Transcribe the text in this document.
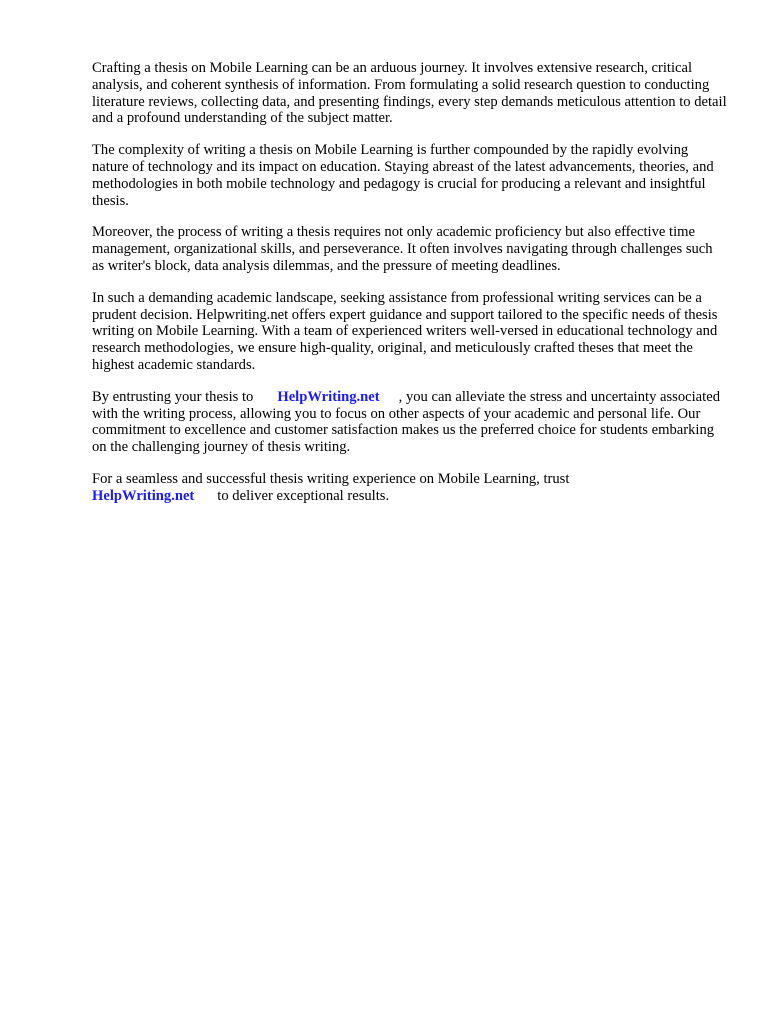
Crafting a thesis on Mobile Learning can be an arduous journey. It involves extensive research, critical analysis, and coherent synthesis of information. From formulating a solid research question to conducting literature reviews, collecting data, and presenting findings, every step demands meticulous attention to detail and a profound understanding of the subject matter.

The complexity of writing a thesis on Mobile Learning is further compounded by the rapidly evolving nature of technology and its impact on education. Staying abreast of the latest advancements, theories, and methodologies in both mobile technology and pedagogy is crucial for producing a relevant and insightful thesis.

Moreover, the process of writing a thesis requires not only academic proficiency but also effective time management, organizational skills, and perseverance. It often involves navigating through challenges such as writer's block, data analysis dilemmas, and the pressure of meeting deadlines.

In such a demanding academic landscape, seeking assistance from professional writing services can be a prudent decision. Helpwriting.net offers expert guidance and support tailored to the specific needs of thesis writing on Mobile Learning. With a team of experienced writers well-versed in educational technology and research methodologies, we ensure high-quality, original, and meticulously crafted theses that meet the highest academic standards.

By entrusting your thesis to HelpWriting.net , you can alleviate the stress and uncertainty associated with the writing process, allowing you to focus on other aspects of your academic and personal life. Our commitment to excellence and customer satisfaction makes us the preferred choice for students embarking on the challenging journey of thesis writing.

For a seamless and successful thesis writing experience on Mobile Learning, trust
HelpWriting.net to deliver exceptional results.
